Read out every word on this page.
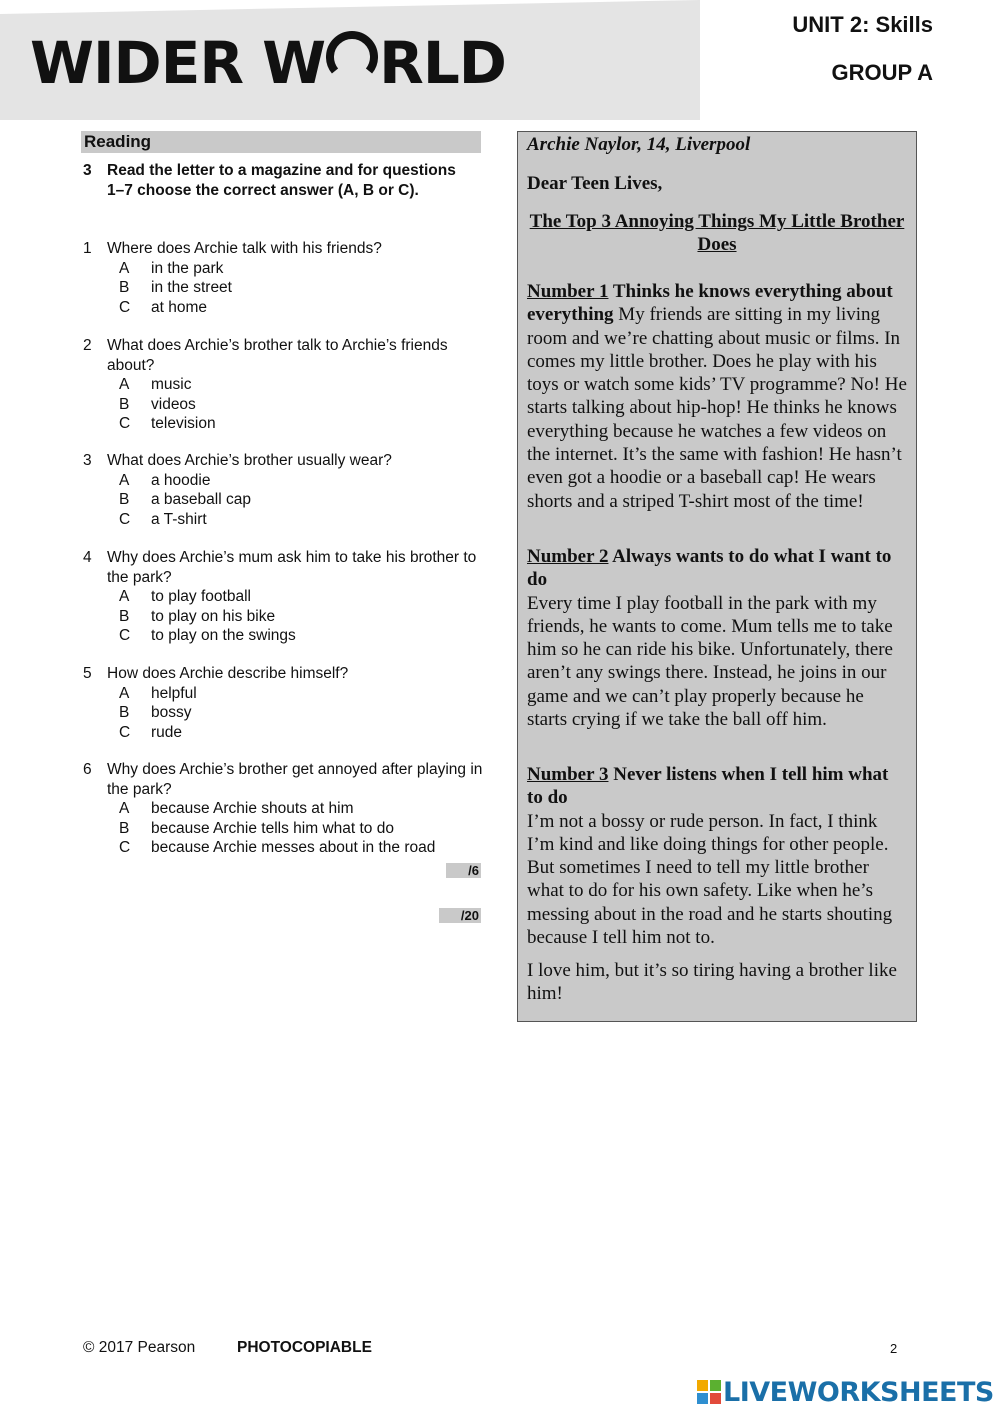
WIDER W RLD
UNIT 2: Skills
GROUP A
Reading
3 Read the letter to a magazine and for questions 1–7 choose the correct answer (A, B or C).
1 Where does Archie talk with his friends?
A	in the park
B	in the street
C	at home
2 What does Archie’s brother talk to Archie’s friends about?
A	music
B	videos
C	television
3 What does Archie’s brother usually wear?
A	a hoodie
B	a baseball cap
C	a T-shirt
4 Why does Archie’s mum ask him to take his brother to the park?
A	to play football
B	to play on his bike
C	to play on the swings
5 How does Archie describe himself?
A	helpful
B	bossy
C	rude
6 Why does Archie’s brother get annoyed after playing in the park?
A	because Archie shouts at him
B	because Archie tells him what to do
C	because Archie messes about in the road
/6
/20

Archie Naylor, 14, Liverpool

Dear Teen Lives,

The Top 3 Annoying Things My Little Brother Does

Number 1 Thinks he knows everything about everything My friends are sitting in my living room and we’re chatting about music or films. In comes my little brother. Does he play with his toys or watch some kids’ TV programme? No! He starts talking about hip-hop! He thinks he knows everything because he watches a few videos on the internet. It’s the same with fashion! He hasn’t even got a hoodie or a baseball cap! He wears shorts and a striped T-shirt most of the time!

Number 2 Always wants to do what I want to do
Every time I play football in the park with my friends, he wants to come. Mum tells me to take him so he can ride his bike. Unfortunately, there aren’t any swings there. Instead, he joins in our game and we can’t play properly because he starts crying if we take the ball off him.

Number 3 Never listens when I tell him what to do
I’m not a bossy or rude person. In fact, I think I’m kind and like doing things for other people. But sometimes I need to tell my little brother what to do for his own safety. Like when he’s messing about in the road and he starts shouting because I tell him not to.

I love him, but it’s so tiring having a brother like him!

© 2017 Pearson	PHOTOCOPIABLE	2
LIVEWORKSHEETS
